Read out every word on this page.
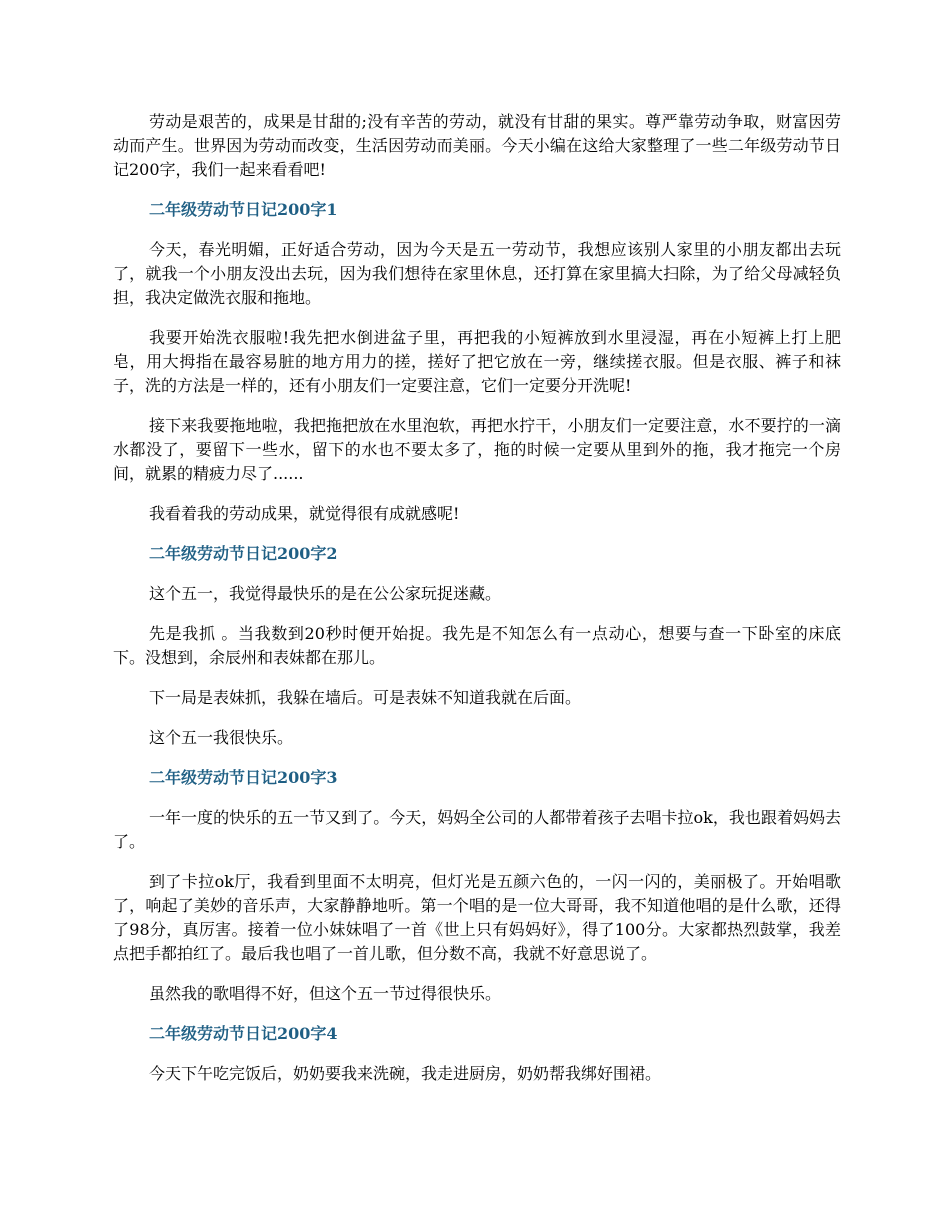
劳动是艰苦的，成果是甘甜的;没有辛苦的劳动，就没有甘甜的果实。尊严靠劳动争取，财富因劳动而产生。世界因为劳动而改变，生活因劳动而美丽。今天小编在这给大家整理了一些二年级劳动节日记200字，我们一起来看看吧!

二年级劳动节日记200字1

今天，春光明媚，正好适合劳动，因为今天是五一劳动节，我想应该别人家里的小朋友都出去玩了，就我一个小朋友没出去玩，因为我们想待在家里休息，还打算在家里搞大扫除，为了给父母减轻负担，我决定做洗衣服和拖地。

我要开始洗衣服啦!我先把水倒进盆子里，再把我的小短裤放到水里浸湿，再在小短裤上打上肥皂，用大拇指在最容易脏的地方用力的搓，搓好了把它放在一旁，继续搓衣服。但是衣服、裤子和袜子，洗的方法是一样的，还有小朋友们一定要注意，它们一定要分开洗呢!

接下来我要拖地啦，我把拖把放在水里泡软，再把水拧干，小朋友们一定要注意，水不要拧的一滴水都没了，要留下一些水，留下的水也不要太多了，拖的时候一定要从里到外的拖，我才拖完一个房间，就累的精疲力尽了......

我看着我的劳动成果，就觉得很有成就感呢!

二年级劳动节日记200字2

这个五一，我觉得最快乐的是在公公家玩捉迷藏。

先是我抓 。当我数到20秒时便开始捉。我先是不知怎么有一点动心，想要与查一下卧室的床底下。没想到，余辰州和表妹都在那儿。

下一局是表妹抓，我躲在墙后。可是表妹不知道我就在后面。

这个五一我很快乐。

二年级劳动节日记200字3

一年一度的快乐的五一节又到了。今天，妈妈全公司的人都带着孩子去唱卡拉ok，我也跟着妈妈去了。

到了卡拉ok厅，我看到里面不太明亮，但灯光是五颜六色的，一闪一闪的，美丽极了。开始唱歌了，响起了美妙的音乐声，大家静静地听。第一个唱的是一位大哥哥，我不知道他唱的是什么歌，还得了98分，真厉害。接着一位小妹妹唱了一首《世上只有妈妈好》，得了100分。大家都热烈鼓掌，我差点把手都拍红了。最后我也唱了一首儿歌，但分数不高，我就不好意思说了。

虽然我的歌唱得不好，但这个五一节过得很快乐。

二年级劳动节日记200字4

今天下午吃完饭后，奶奶要我来洗碗，我走进厨房，奶奶帮我绑好围裙。
